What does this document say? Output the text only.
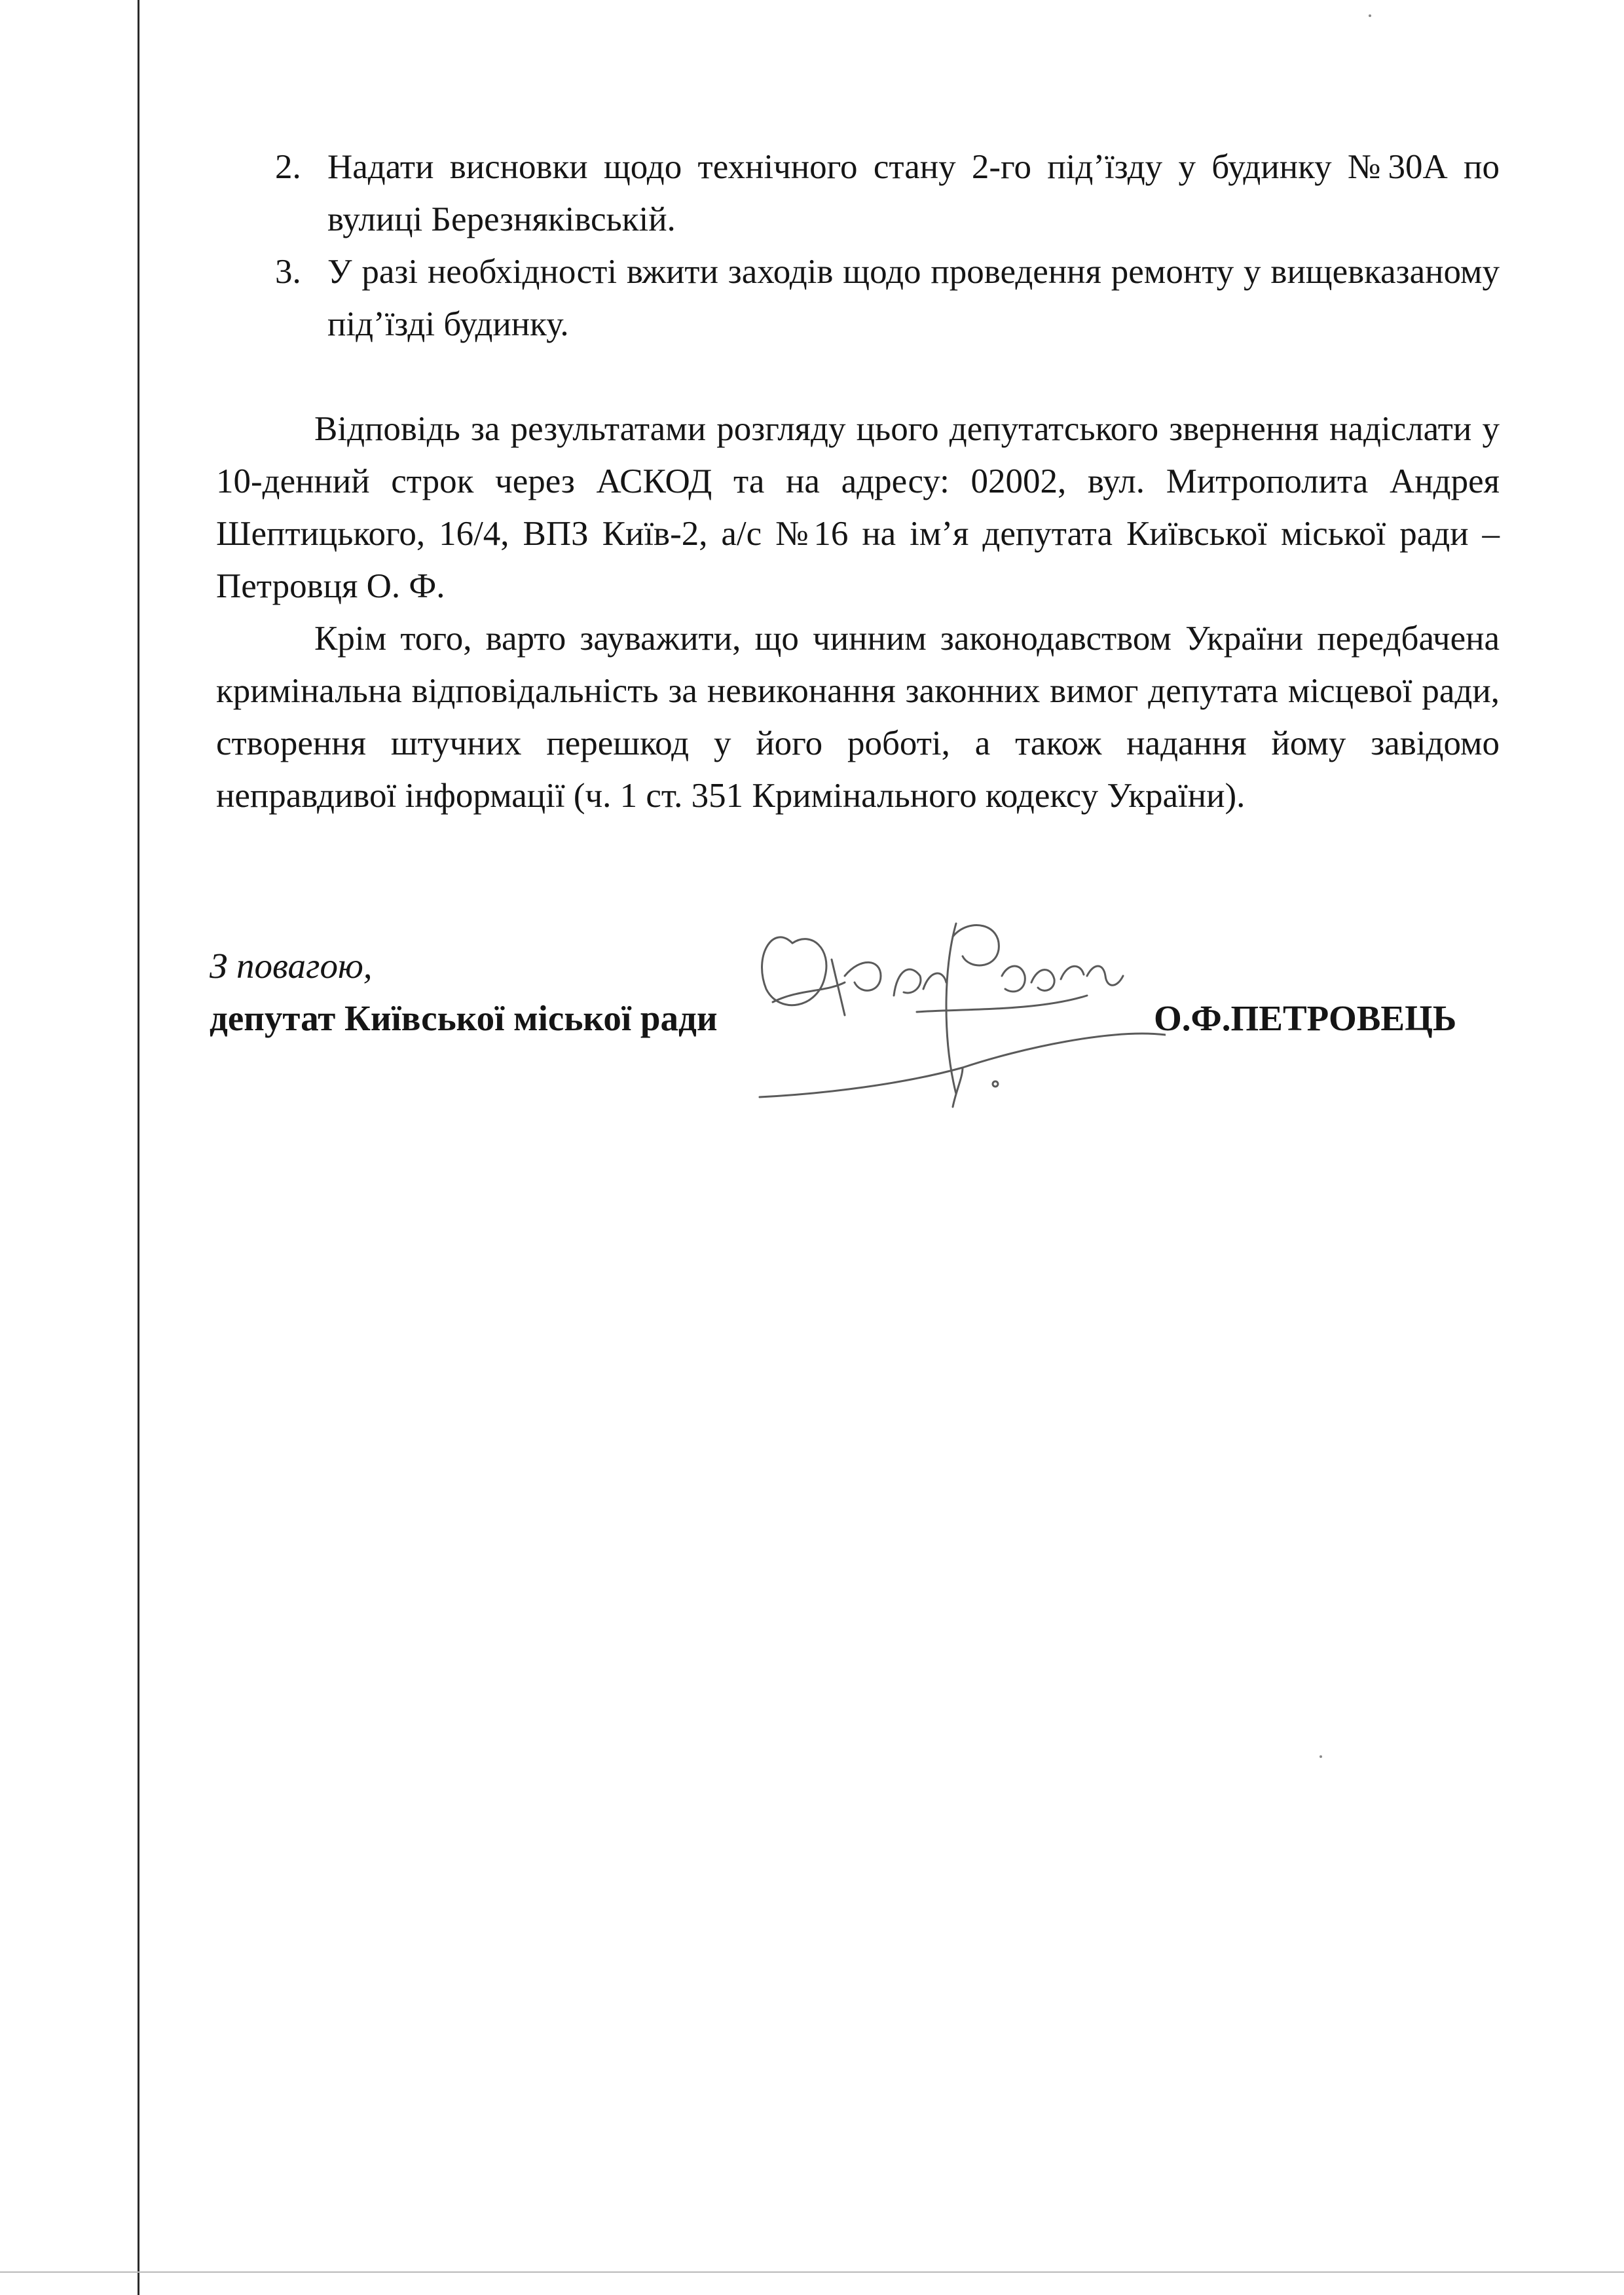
2. Надати висновки щодо технічного стану 2-го під’їзду у будинку №30А по вулиці Березняківській.
3. У разі необхідності вжити заходів щодо проведення ремонту у вищевказаному під’їзді будинку.
Відповідь за результатами розгляду цього депутатського звернення надіслати у 10-денний строк через АСКОД та на адресу: 02002, вул. Митрополита Андрея Шептицького, 16/4, ВПЗ Київ-2, а/с №16 на ім’я депутата Київської міської ради – Петровця О. Ф.
Крім того, варто зауважити, що чинним законодавством України передбачена кримінальна відповідальність за невиконання законних вимог депутата місцевої ради, створення штучних перешкод у його роботі, а також надання йому завідомо неправдивої інформації (ч. 1 ст. 351 Кримінального кодексу України).
З повагою,
депутат Київської міської ради	О.Ф.ПЕТРОВЕЦЬ
